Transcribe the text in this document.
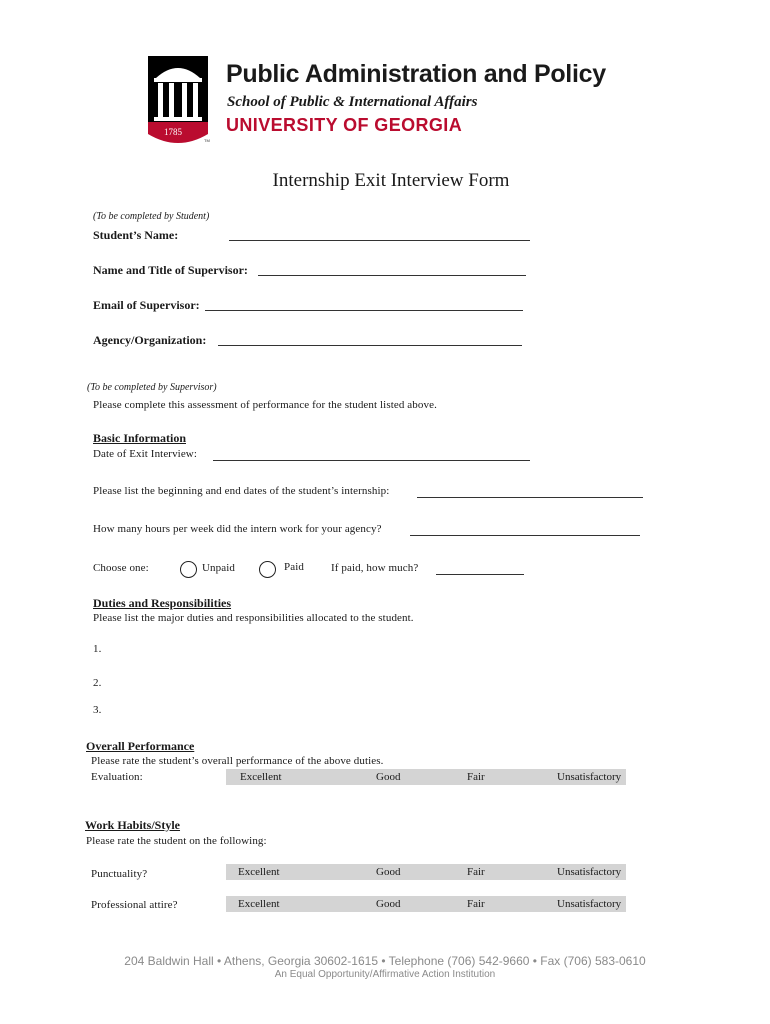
1785
TM
Public Administration and Policy
School of Public & International Affairs
UNIVERSITY OF GEORGIA
Internship Exit Interview Form
(To be completed by Student)
Student’s Name:
Name and Title of Supervisor:
Email of Supervisor:
Agency/Organization:
(To be completed by Supervisor)
Please complete this assessment of performance for the student listed above.
Basic Information
Date of Exit Interview:
Please list the beginning and end dates of the student’s internship:
How many hours per week did the intern work for your agency?
Choose one:	Unpaid	Paid If paid, how much?
Duties and Responsibilities
Please list the major duties and responsibilities allocated to the student.
1.
2.
3.
Overall Performance
Please rate the student’s overall performance of the above duties.
Evaluation:	Excellent	Good	Fair	Unsatisfactory
Work Habits/Style
Please rate the student on the following:
Punctuality?	Excellent	Good	Fair	Unsatisfactory
Professional attire?	Excellent	Good	Fair	Unsatisfactory
204 Baldwin Hall • Athens, Georgia 30602-1615 • Telephone (706) 542-9660 • Fax (706) 583-0610
An Equal Opportunity/Affirmative Action Institution
